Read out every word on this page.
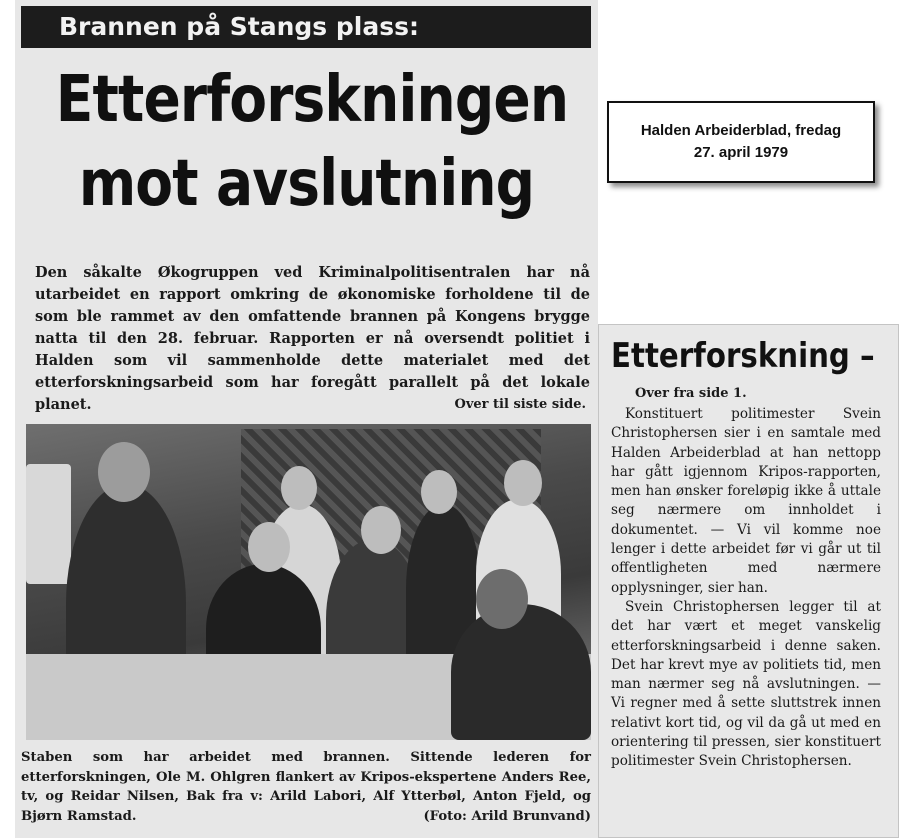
Brannen på Stangs plass:
Etterforskningen
mot avslutning
Den såkalte Økogruppen ved Kriminalpolitisentralen har nå utarbeidet en rapport omkring de økonomiske forholdene til de som ble rammet av den omfattende brannen på Kongens brygge natta til den 28. februar. Rapporten er nå oversendt politiet i Halden som vil sammenholde dette materialet med det etterforskningsarbeid som har foregått parallelt på det lokale planet.	Over til siste side.
Staben som har arbeidet med brannen. Sittende lederen for etterforskningen, Ole M. Ohlgren flankert av Kripos-ekspertene Anders Ree, tv, og Reidar Nilsen, Bak fra v: Arild Labori, Alf Ytterbøl, Anton Fjeld, og Bjørn Ramstad.	(Foto: Arild Brunvand)
Halden Arbeiderblad, fredag
27. april 1979
Etterforskning –
Over fra side 1.

Konstituert politimester Svein Christophersen sier i en samtale med Halden Arbeiderblad at han nettopp har gått igjennom Kripos-rapporten, men han ønsker foreløpig ikke å uttale seg nærmere om innholdet i dokumentet. — Vi vil komme noe lenger i dette arbeidet før vi går ut til offentligheten med nærmere opplysninger, sier han.

Svein Christophersen legger til at det har vært et meget vanskelig etterforskningsarbeid i denne saken. Det har krevt mye av politiets tid, men man nærmer seg nå avslutningen. — Vi regner med å sette sluttstrek innen relativt kort tid, og vil da gå ut med en orientering til pressen, sier konstituert politimester Svein Christophersen.
